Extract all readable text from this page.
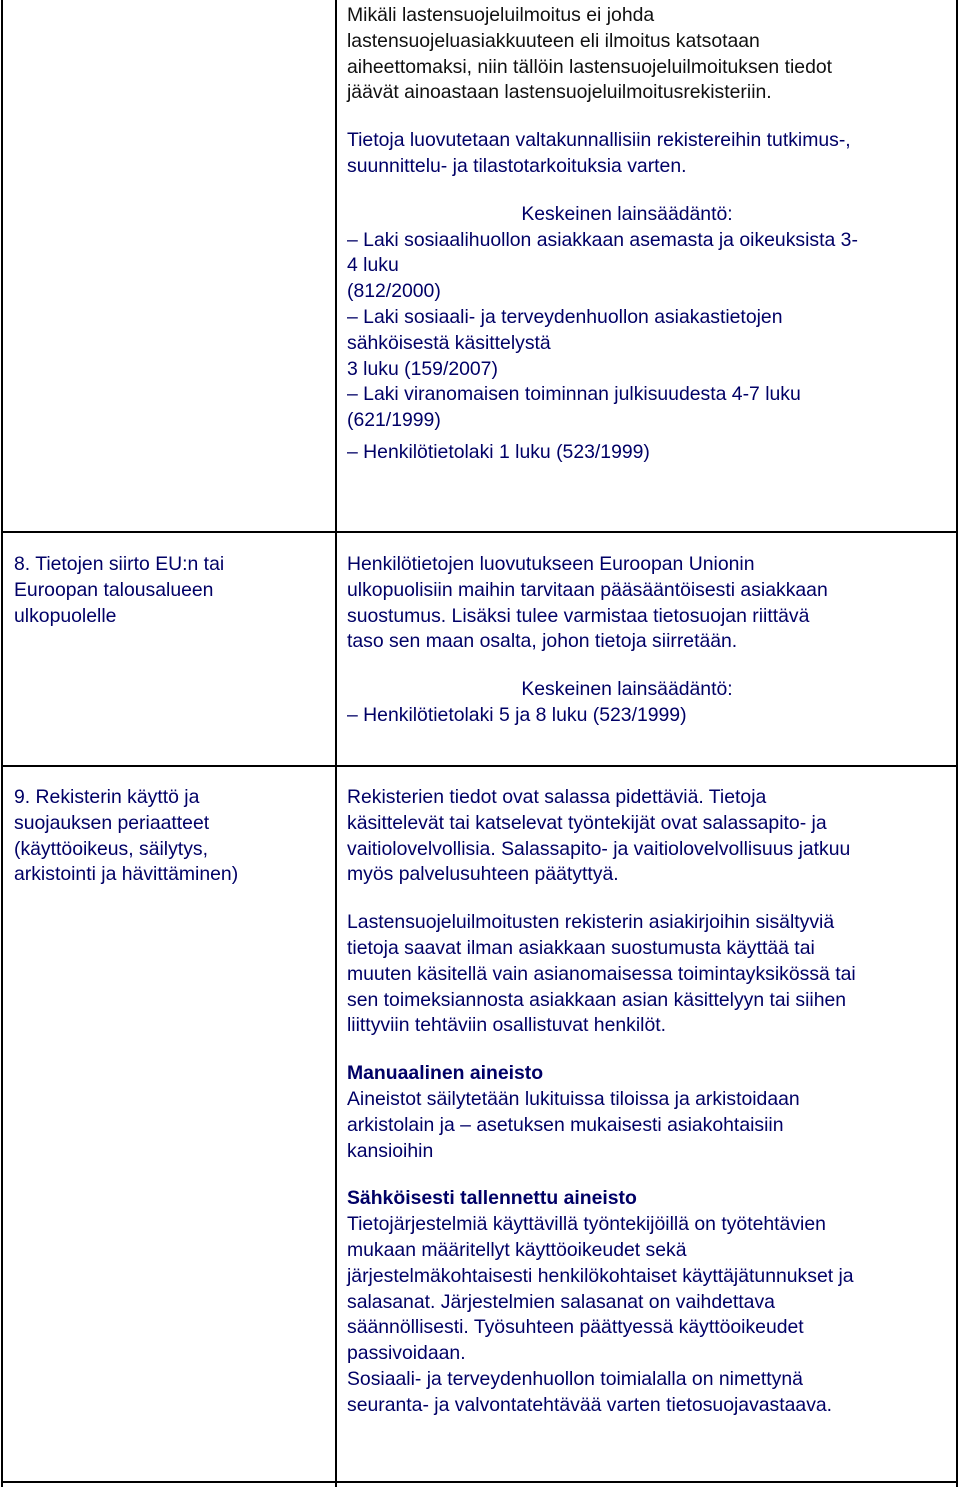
Mikäli lastensuojeluilmoitus ei johda
lastensuojeluasiakkuuteen eli ilmoitus katsotaan
aiheettomaksi, niin tällöin lastensuojeluilmoituksen tiedot
jäävät ainoastaan lastensuojeluilmoitusrekisteriin.
Tietoja luovutetaan valtakunnallisiin rekistereihin tutkimus-,
suunnittelu- ja tilastotarkoituksia varten.
Keskeinen lainsäädäntö:
– Laki sosiaalihuollon asiakkaan asemasta ja oikeuksista 3-
4 luku
(812/2000)
– Laki sosiaali- ja terveydenhuollon asiakastietojen
sähköisestä käsittelystä
3 luku (159/2007)
– Laki viranomaisen toiminnan julkisuudesta 4-7 luku
(621/1999)
– Henkilötietolaki 1 luku (523/1999)
8. Tietojen siirto EU:n tai
Euroopan talousalueen
ulkopuolelle
Henkilötietojen luovutukseen Euroopan Unionin
ulkopuolisiin maihin tarvitaan pääsääntöisesti asiakkaan
suostumus. Lisäksi tulee varmistaa tietosuojan riittävä
taso sen maan osalta, johon tietoja siirretään.
Keskeinen lainsäädäntö:
– Henkilötietolaki 5 ja 8 luku (523/1999)
9. Rekisterin käyttö ja
suojauksen periaatteet
(käyttöoikeus, säilytys,
arkistointi ja hävittäminen)
Rekisterien tiedot ovat salassa pidettäviä. Tietoja
käsittelevät tai katselevat työntekijät ovat salassapito- ja
vaitiolovelvollisia. Salassapito- ja vaitiolovelvollisuus jatkuu
myös palvelusuhteen päätyttyä.
Lastensuojeluilmoitusten rekisterin asiakirjoihin sisältyviä
tietoja saavat ilman asiakkaan suostumusta käyttää tai
muuten käsitellä vain asianomaisessa toimintayksikössä tai
sen toimeksiannosta asiakkaan asian käsittelyyn tai siihen
liittyviin tehtäviin osallistuvat henkilöt.
Manuaalinen aineisto
Aineistot säilytetään lukituissa tiloissa ja arkistoidaan
arkistolain ja – asetuksen mukaisesti asiakohtaisiin
kansioihin
Sähköisesti tallennettu aineisto
Tietojärjestelmiä käyttävillä työntekijöillä on työtehtävien
mukaan määritellyt käyttöoikeudet sekä
järjestelmäkohtaisesti henkilökohtaiset käyttäjätunnukset ja
salasanat. Järjestelmien salasanat on vaihdettava
säännöllisesti. Työsuhteen päättyessä käyttöoikeudet
passivoidaan.
Sosiaali- ja terveydenhuollon toimialalla on nimettynä
seuranta- ja valvontatehtävää varten tietosuojavastaava.
